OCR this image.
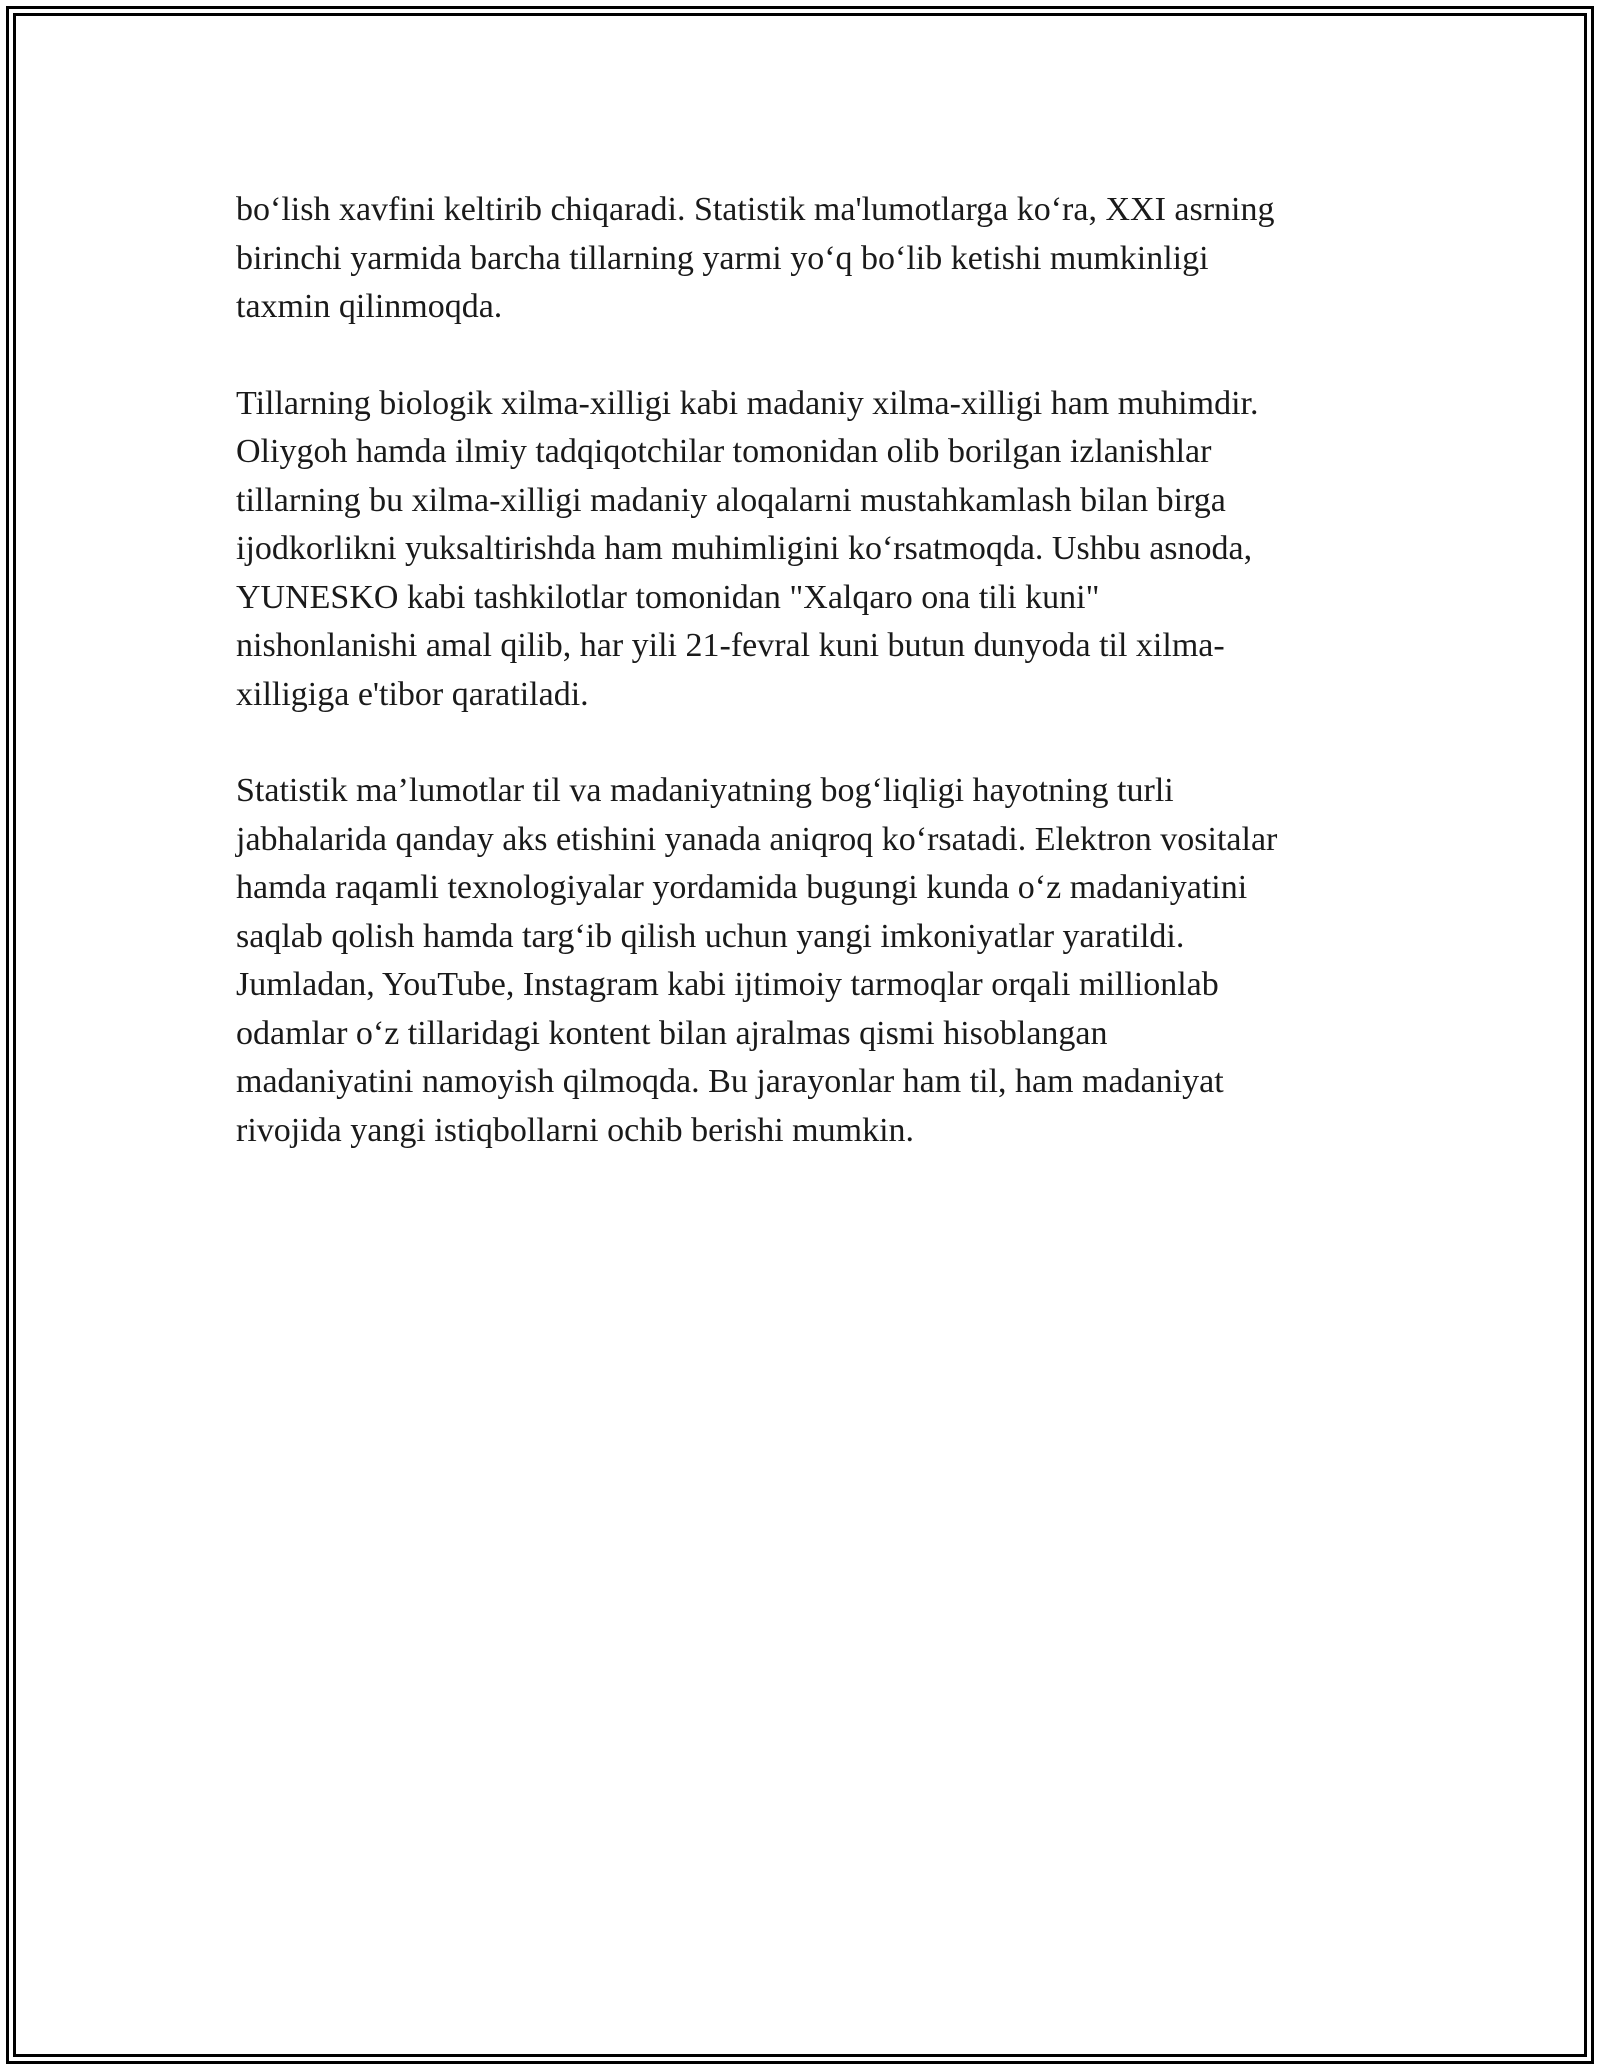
bo‘lish xavfini keltirib chiqaradi. Statistik ma'lumotlarga ko‘ra, XXI asrning
birinchi yarmida barcha tillarning yarmi yo‘q bo‘lib ketishi mumkinligi
taxmin qilinmoqda.

Tillarning biologik xilma-xilligi kabi madaniy xilma-xilligi ham muhimdir.
Oliygoh hamda ilmiy tadqiqotchilar tomonidan olib borilgan izlanishlar
tillarning bu xilma-xilligi madaniy aloqalarni mustahkamlash bilan birga
ijodkorlikni yuksaltirishda ham muhimligini ko‘rsatmoqda. Ushbu asnoda,
YUNESKO kabi tashkilotlar tomonidan "Xalqaro ona tili kuni"
nishonlanishi amal qilib, har yili 21-fevral kuni butun dunyoda til xilma-
xilligiga e'tibor qaratiladi.

Statistik ma’lumotlar til va madaniyatning bog‘liqligi hayotning turli
jabhalarida qanday aks etishini yanada aniqroq ko‘rsatadi. Elektron vositalar
hamda raqamli texnologiyalar yordamida bugungi kunda o‘z madaniyatini
saqlab qolish hamda targ‘ib qilish uchun yangi imkoniyatlar yaratildi.
Jumladan, YouTube, Instagram kabi ijtimoiy tarmoqlar orqali millionlab
odamlar o‘z tillaridagi kontent bilan ajralmas qismi hisoblangan
madaniyatini namoyish qilmoqda. Bu jarayonlar ham til, ham madaniyat
rivojida yangi istiqbollarni ochib berishi mumkin.
